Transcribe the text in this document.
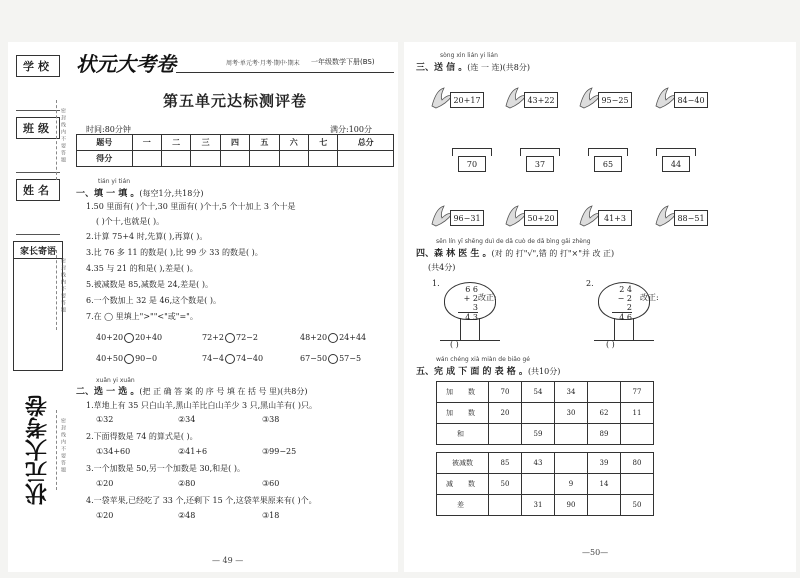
学校
班级
姓名
家长寄语
密封线内不要答题
密封线内不要答题
密封线内不要答题
状元大考卷
状元大考卷	周考·单元考·月考·期中·期末 一年级数学下册(BS)
第五单元达标测评卷
时间:80分钟	满分:100分
题号	一	二	三	四	五	六	七	总分
得分								
tián yi tián
一、填 一 填 。(每空1分,共18分)
1.50 里面有( )个十,30 里面有( )个十,5 个十加上 3 个十是
( )个十,也就是( )。
2.计算 75+4 时,先算( ),再算( )。
3.比 76 多 11 的数是( ),比 99 少 33 的数是( )。
4.35 与 21 的和是( ),差是( )。
5.被减数是 85,减数是 24,差是( )。
6.一个数加上 32 是 46,这个数是( )。
7.在 ◯ 里填上">""<"或"="。
40+20 20+40	72+2 72−2	48+20 24+44
40+50 90−0	74−4 74−40	67−50 57−5
xuǎn yi xuǎn
二、选 一 选 。(把 正 确 答 案 的 序 号 填 在 括 号 里)(共8分)
1.草地上有 35 只白山羊,黑山羊比白山羊少 3 只,黑山羊有( )只。
①32	②34	③38
2.下面得数是 74 的算式是( )。
①34+60	②41+6	③99−25
3.一个加数是 50,另一个加数是 30,和是( )。
①20	②80	③60
4.一袋苹果,已经吃了 33 个,还剩下 15 个,这袋苹果原来有( )个。
①20	②48	③18
— 49 —
sòng xìn lián yi lián
三、送 信 。(连 一 连)(共8分)
20+17	43+22	95−25	84−40
70	37	65	44
96−31	50+20	41+3	88−51
sēn lín yī shēng duì de dǎ cuò de dǎ bìng gǎi zhèng
四、森 林 医 生 。(对 的 打"√",错 的 打"×"并 改 正)
(共4分)
1.
6 6
+ 2 3
4 3
改正:
( )
2.
2 4
− 2 2
4 6
改正:
( )
wán chéng xià miàn de biǎo gé
五、完 成 下 面 的 表 格 。(共10分)
加　数	70	54	34		77
加　数	20		30	62	11
和		59		89	
被减数	85	43		39	80
减　数	50		9	14	
差		31	90		50
—50—
